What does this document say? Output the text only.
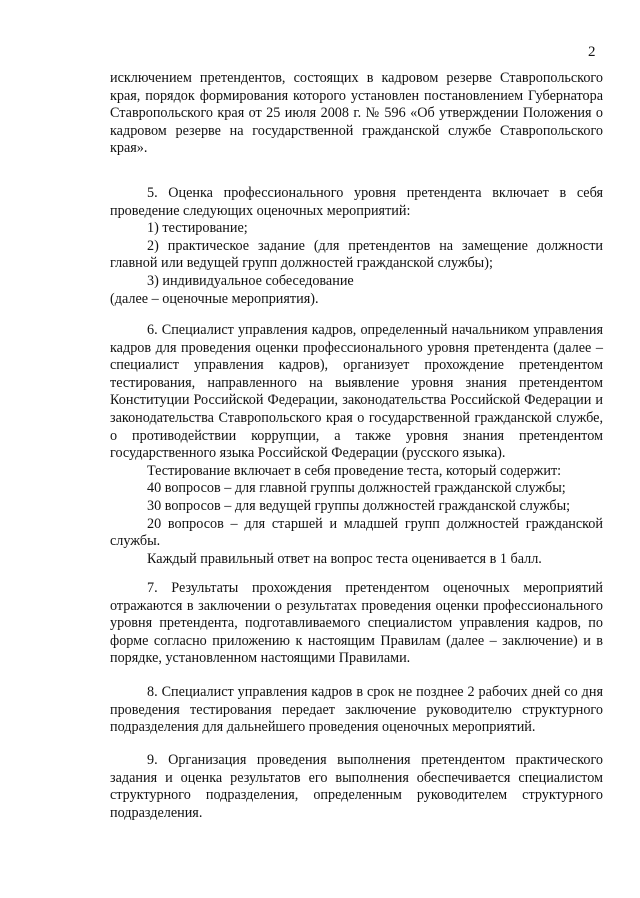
2

исключением претендентов, состоящих в кадровом резерве Ставропольского края, порядок формирования которого установлен постановлением Губернатора Ставропольского края от 25 июля 2008 г. № 596 «Об утверждении Положения о кадровом резерве на государственной гражданской службе Ставропольского края».

5. Оценка профессионального уровня претендента включает в себя проведение следующих оценочных мероприятий:

1) тестирование;

2) практическое задание (для претендентов на замещение должности главной или ведущей групп должностей гражданской службы);

3) индивидуальное собеседование

(далее – оценочные мероприятия).

6. Специалист управления кадров, определенный начальником управления кадров для проведения оценки профессионального уровня претендента (далее – специалист управления кадров), организует прохождение претендентом тестирования, направленного на выявление уровня знания претендентом Конституции Российской Федерации, законодательства Российской Федерации и законодательства Ставропольского края о государственной гражданской службе, о противодействии коррупции, а также уровня знания претендентом государственного языка Российской Федерации (русского языка).

Тестирование включает в себя проведение теста, который содержит:

40 вопросов – для главной группы должностей гражданской службы;

30 вопросов – для ведущей группы должностей гражданской службы;

20 вопросов – для старшей и младшей групп должностей гражданской службы.

Каждый правильный ответ на вопрос теста оценивается в 1 балл.

7. Результаты прохождения претендентом оценочных мероприятий отражаются в заключении о результатах проведения оценки профессионального уровня претендента, подготавливаемого специалистом управления кадров, по форме согласно приложению к настоящим Правилам (далее – заключение) и в порядке, установленном настоящими Правилами.

8. Специалист управления кадров в срок не позднее 2 рабочих дней со дня проведения тестирования передает заключение руководителю структурного подразделения для дальнейшего проведения оценочных мероприятий.

9. Организация проведения выполнения претендентом практического задания и оценка результатов его выполнения обеспечивается специалистом структурного подразделения, определенным руководителем структурного подразделения.
